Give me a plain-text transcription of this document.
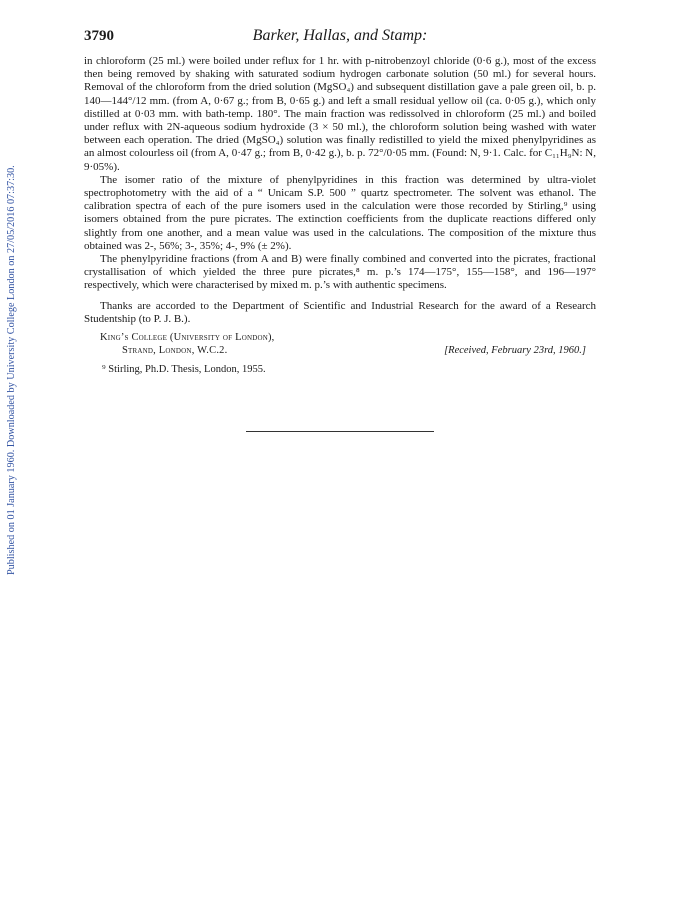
Published on 01 January 1960. Downloaded by University College London on 27/05/2016 07:37:30.
3790	Barker, Hallas, and Stamp:

in chloroform (25 ml.) were boiled under reflux for 1 hr. with p-nitrobenzoyl chloride (0·6 g.), most of the excess then being removed by shaking with saturated sodium hydrogen carbonate solution (50 ml.) for several hours. Removal of the chloroform from the dried solution (MgSO₄) and subsequent distillation gave a pale green oil, b. p. 140—144°/12 mm. (from A, 0·67 g.; from B, 0·65 g.) and left a small residual yellow oil (ca. 0·05 g.), which only distilled at 0·03 mm. with bath-temp. 180°. The main fraction was redissolved in chloroform (25 ml.) and boiled under reflux with 2N-aqueous sodium hydroxide (3 × 50 ml.), the chloroform solution being washed with water between each operation. The dried (MgSO₄) solution was finally redistilled to yield the mixed phenylpyridines as an almost colourless oil (from A, 0·47 g.; from B, 0·42 g.), b. p. 72°/0·05 mm. (Found: N, 9·1. Calc. for C₁₁H₉N: N, 9·05%).

The isomer ratio of the mixture of phenylpyridines in this fraction was determined by ultra-violet spectrophotometry with the aid of a “ Unicam S.P. 500 ” quartz spectrometer. The solvent was ethanol. The calibration spectra of each of the pure isomers used in the calculation were those recorded by Stirling,⁹ using isomers obtained from the pure picrates. The extinction coefficients from the duplicate reactions differed only slightly from one another, and a mean value was used in the calculations. The composition of the mixture thus obtained was 2-, 56%; 3-, 35%; 4-, 9% (± 2%).

The phenylpyridine fractions (from A and B) were finally combined and converted into the picrates, fractional crystallisation of which yielded the three pure picrates,⁸ m. p.’s 174—175°, 155—158°, and 196—197° respectively, which were characterised by mixed m. p.’s with authentic specimens.

Thanks are accorded to the Department of Scientific and Industrial Research for the award of a Research Studentship (to P. J. B.).

King’s College (University of London),
Strand, London, W.C.2.	[Received, February 23rd, 1960.]
⁹ Stirling, Ph.D. Thesis, London, 1955.
